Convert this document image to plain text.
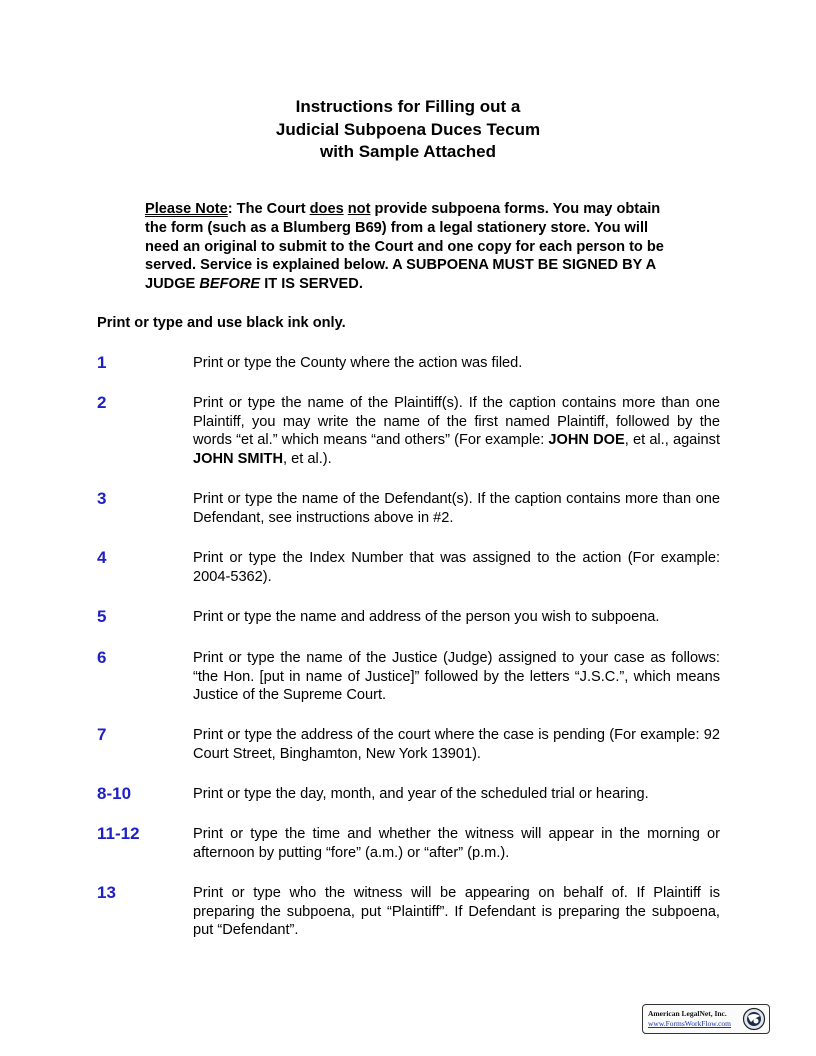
Instructions for Filling out a
Judicial Subpoena Duces Tecum
with Sample Attached
Please Note: The Court does not provide subpoena forms. You may obtain the form (such as a Blumberg B69) from a legal stationery store. You will need an original to submit to the Court and one copy for each person to be served. Service is explained below. A SUBPOENA MUST BE SIGNED BY A JUDGE BEFORE IT IS SERVED.
Print or type and use black ink only.
1	Print or type the County where the action was filed.
2	Print or type the name of the Plaintiff(s). If the caption contains more than one Plaintiff, you may write the name of the first named Plaintiff, followed by the words “et al.” which means “and others” (For example: JOHN DOE, et al., against JOHN SMITH, et al.).
3	Print or type the name of the Defendant(s). If the caption contains more than one Defendant, see instructions above in #2.
4	Print or type the Index Number that was assigned to the action (For example: 2004-5362).
5	Print or type the name and address of the person you wish to subpoena.
6	Print or type the name of the Justice (Judge) assigned to your case as follows: “the Hon. [put in name of Justice]” followed by the letters “J.S.C.”, which means Justice of the Supreme Court.
7	Print or type the address of the court where the case is pending (For example: 92 Court Street, Binghamton, New York 13901).
8-10	Print or type the day, month, and year of the scheduled trial or hearing.
11-12	Print or type the time and whether the witness will appear in the morning or afternoon by putting “fore” (a.m.) or “after” (p.m.).
13	Print or type who the witness will be appearing on behalf of. If Plaintiff is preparing the subpoena, put “Plaintiff”. If Defendant is preparing the subpoena, put “Defendant”.
American LegalNet, Inc.
www.FormsWorkFlow.com
